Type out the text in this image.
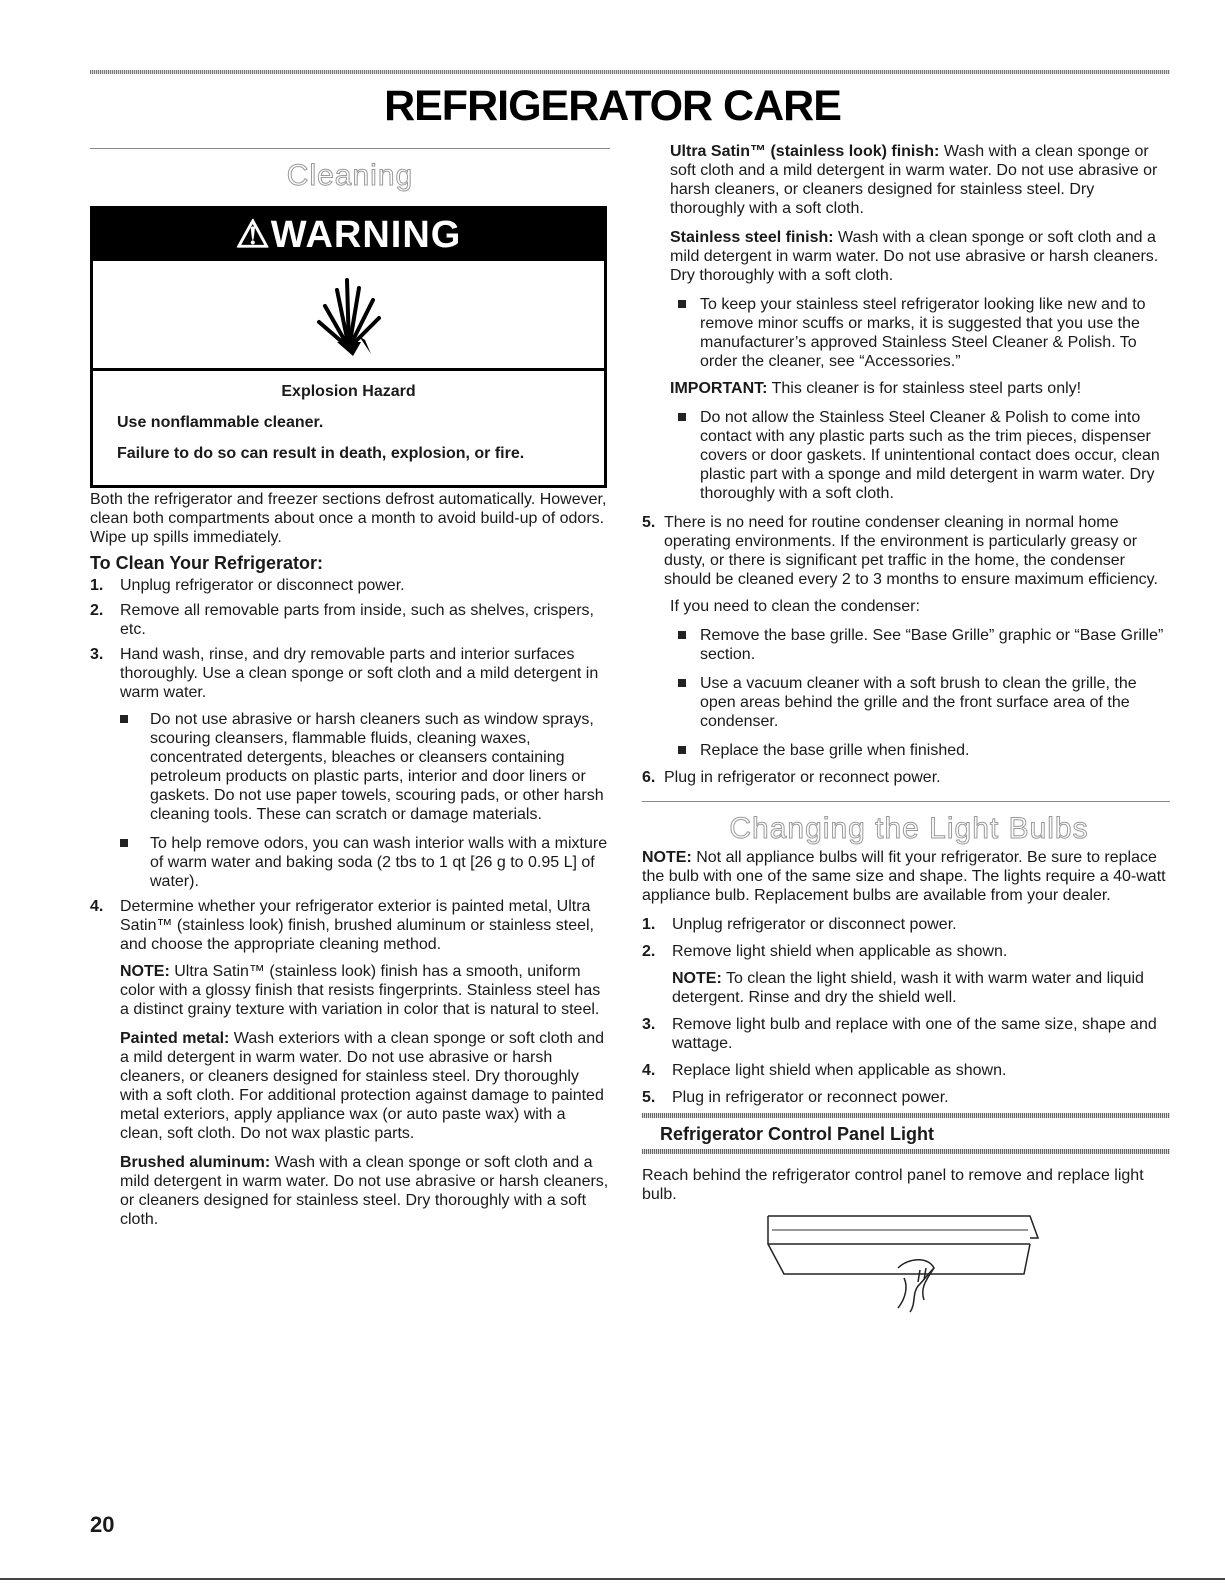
REFRIGERATOR CARE
Cleaning
⚠WARNING

Explosion Hazard

Use nonflammable cleaner.

Failure to do so can result in death, explosion, or fire.

Both the refrigerator and freezer sections defrost automatically. However, clean both compartments about once a month to avoid build-up of odors. Wipe up spills immediately.

To Clean Your Refrigerator:

1. Unplug refrigerator or disconnect power.
2. Remove all removable parts from inside, such as shelves, crispers, etc.
3. Hand wash, rinse, and dry removable parts and interior surfaces thoroughly. Use a clean sponge or soft cloth and a mild detergent in warm water.
Do not use abrasive or harsh cleaners such as window sprays, scouring cleansers, flammable fluids, cleaning waxes, concentrated detergents, bleaches or cleansers containing petroleum products on plastic parts, interior and door liners or gaskets. Do not use paper towels, scouring pads, or other harsh cleaning tools. These can scratch or damage materials.
To help remove odors, you can wash interior walls with a mixture of warm water and baking soda (2 tbs to 1 qt [26 g to 0.95 L] of water).
4. Determine whether your refrigerator exterior is painted metal, Ultra Satin™ (stainless look) finish, brushed aluminum or stainless steel, and choose the appropriate cleaning method.
NOTE: Ultra Satin™ (stainless look) finish has a smooth, uniform color with a glossy finish that resists fingerprints. Stainless steel has a distinct grainy texture with variation in color that is natural to steel.
Painted metal: Wash exteriors with a clean sponge or soft cloth and a mild detergent in warm water. Do not use abrasive or harsh cleaners, or cleaners designed for stainless steel. Dry thoroughly with a soft cloth. For additional protection against damage to painted metal exteriors, apply appliance wax (or auto paste wax) with a clean, soft cloth. Do not wax plastic parts.
Brushed aluminum: Wash with a clean sponge or soft cloth and a mild detergent in warm water. Do not use abrasive or harsh cleaners, or cleaners designed for stainless steel. Dry thoroughly with a soft cloth.
Ultra Satin™ (stainless look) finish: Wash with a clean sponge or soft cloth and a mild detergent in warm water. Do not use abrasive or harsh cleaners, or cleaners designed for stainless steel. Dry thoroughly with a soft cloth.
Stainless steel finish: Wash with a clean sponge or soft cloth and a mild detergent in warm water. Do not use abrasive or harsh cleaners. Dry thoroughly with a soft cloth.
To keep your stainless steel refrigerator looking like new and to remove minor scuffs or marks, it is suggested that you use the manufacturer’s approved Stainless Steel Cleaner & Polish. To order the cleaner, see “Accessories.”
IMPORTANT: This cleaner is for stainless steel parts only!
Do not allow the Stainless Steel Cleaner & Polish to come into contact with any plastic parts such as the trim pieces, dispenser covers or door gaskets. If unintentional contact does occur, clean plastic part with a sponge and mild detergent in warm water. Dry thoroughly with a soft cloth.
5. There is no need for routine condenser cleaning in normal home operating environments. If the environment is particularly greasy or dusty, or there is significant pet traffic in the home, the condenser should be cleaned every 2 to 3 months to ensure maximum efficiency.

If you need to clean the condenser:

Remove the base grille. See “Base Grille” graphic or “Base Grille” section.
Use a vacuum cleaner with a soft brush to clean the grille, the open areas behind the grille and the front surface area of the condenser.
Replace the base grille when finished.
6. Plug in refrigerator or reconnect power.
Changing the Light Bulbs

NOTE: Not all appliance bulbs will fit your refrigerator. Be sure to replace the bulb with one of the same size and shape. The lights require a 40-watt appliance bulb. Replacement bulbs are available from your dealer.

1. Unplug refrigerator or disconnect power.
2. Remove light shield when applicable as shown.
NOTE: To clean the light shield, wash it with warm water and liquid detergent. Rinse and dry the shield well.
3. Remove light bulb and replace with one of the same size, shape and wattage.
4. Replace light shield when applicable as shown.
5. Plug in refrigerator or reconnect power.

Refrigerator Control Panel Light

Reach behind the refrigerator control panel to remove and replace light bulb.

20
